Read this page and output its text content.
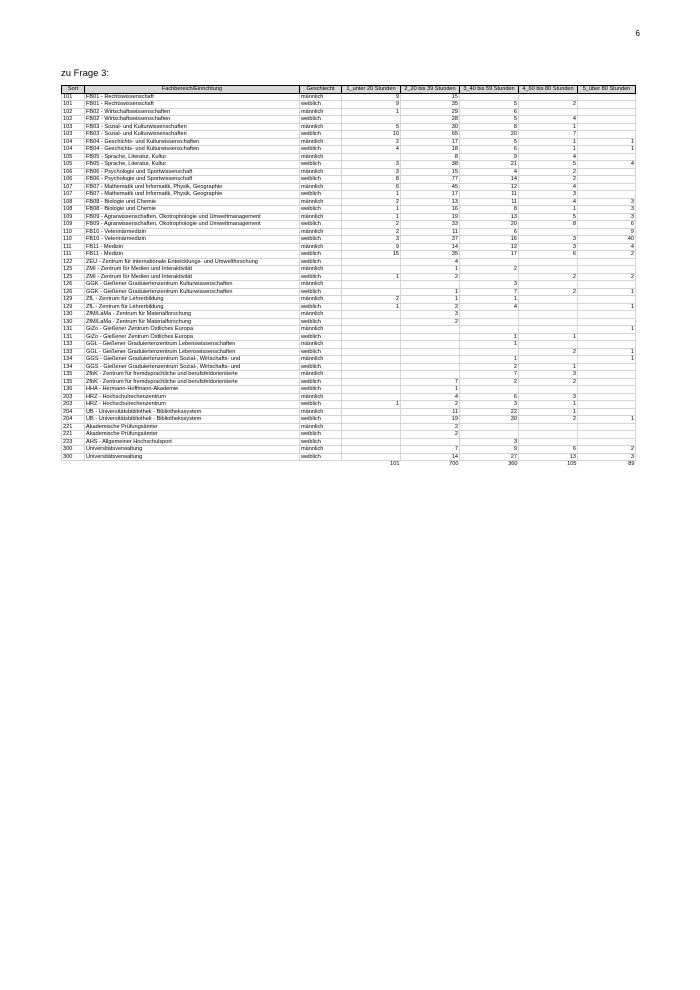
6
zu Frage 3:
Sort	Fachbereich/Einrichtung	Geschlecht	1_unter 20 Stunden	2_20 bis 39 Stunden	3_40 bis 59 Stunden	4_60 bis 80 Stunden	5_über 80 Stunden
101	FB01 - Rechtswissenschaft	männlich	9	15			
101	FB01 - Rechtswissenschaft	weiblich	9	35	5	2	
102	FB02 - Wirtschaftswissenschaften	männlich	1	29	6		
102	FB02 - Wirtschaftswissenschaften	weiblich		28	5	4	
103	FB03 - Sozial- und Kulturwissenschaften	männlich	5	30	8	1	
103	FB03 - Sozial- und Kulturwissenschaften	weiblich	10	65	20	7	
104	FB04 - Geschichts- und Kulturwissenschaften	männlich	2	17	5	1	1
104	FB04 - Geschichts- und Kulturwissenschaften	weiblich	4	18	6	1	1
105	FB05 - Sprache, Literatur, Kultur	männlich		8	9	4	
105	FB05 - Sprache, Literatur, Kultur	weiblich	3	38	21	5	4
106	FB06 - Psychologie und Sportwissenschaft	männlich	3	15	4	2	
106	FB06 - Psychologie und Sportwissenschaft	weiblich	8	77	14	2	
107	FB07 - Mathematik und Informatik, Physik, Geographie	männlich	6	45	12	4	
107	FB07 - Mathematik und Informatik, Physik, Geographie	weiblich	1	17	11	3	
108	FB08 - Biologie und Chemie	männlich	2	13	11	4	3
108	FB08 - Biologie und Chemie	weiblich	1	16	8	1	3
109	FB09 - Agrarwissenschaften, Ökotrophologie und Umweltmanagement	männlich	1	19	13	5	3
109	FB09 - Agrarwissenschaften, Ökotrophologie und Umweltmanagement	weiblich	2	33	20	8	6
110	FB10 - Veterinärmedizin	männlich	2	11	6		9
110	FB10 - Veterinärmedizin	weiblich	3	37	16	3	40
111	FB11 - Medizin	männlich	9	14	12	3	4
111	FB11 - Medizin	weiblich	15	35	17	6	2
122	ZEU - Zentrum für internationale Entwicklungs- und Umweltforschung	weiblich		4			
125	ZMI - Zentrum für Medien und Interaktivität	männlich		1	2		
125	ZMI - Zentrum für Medien und Interaktivität	weiblich	1	2		2	2
126	GGK - Gießener Graduiertenzentrum Kulturwissenschaften	männlich			3		
126	GGK - Gießener Graduiertenzentrum Kulturwissenschaften	weiblich		1	7	2	1
129	ZfL - Zentrum für Lehrerbildung	männlich	2	1	1		
129	ZfL - Zentrum für Lehrerbildung	weiblich	1	2	4		1
130	ZfM/LaMa - Zentrum für Materialforschung	männlich		3			
130	ZfM/LaMa - Zentrum für Materialforschung	weiblich		2			
131	GiZo - Gießener Zentrum Östliches Europa	männlich					1
131	GiZo - Gießener Zentrum Östliches Europa	weiblich			1	1	
133	GGL - Gießener Graduiertenzentrum Lebenswissenschaften	männlich			1		
133	GGL - Gießener Graduiertenzentrum Lebenswissenschaften	weiblich				2	1
134	GGS - Gießener Graduiertenzentrum Sozial-, Wirtschafts- und	männlich			1		1
134	GGS - Gießener Graduiertenzentrum Sozial-, Wirtschafts- und	weiblich			2	1	
135	ZfbK - Zentrum für fremdsprachliche und berufsfeldorientierte	männlich			7	3	
135	ZfbK - Zentrum für fremdsprachliche und berufsfeldorientierte	weiblich		7	2	2	
136	HHA - Hermann-Hoffmann-Akademie	weiblich		1			
203	HRZ - Hochschulrechenzentrum	männlich		4	6	3	
203	HRZ - Hochschulrechenzentrum	weiblich	1	2	3	1	
204	UB - Universitätsbibliothek - Bibliothekssystem	männlich		11	22	1	
204	UB - Universitätsbibliothek - Bibliothekssystem	weiblich		19	30	2	1
221	Akademische Prüfungsämter	männlich		2			
221	Akademische Prüfungsämter	weiblich		2			
223	AHS - Allgemeiner Hochschulsport	weiblich			3		
300	Universitätsverwaltung	männlich		7	9	6	2
300	Universitätsverwaltung	weiblich		14	27	13	3
			101	700	360	105	89
